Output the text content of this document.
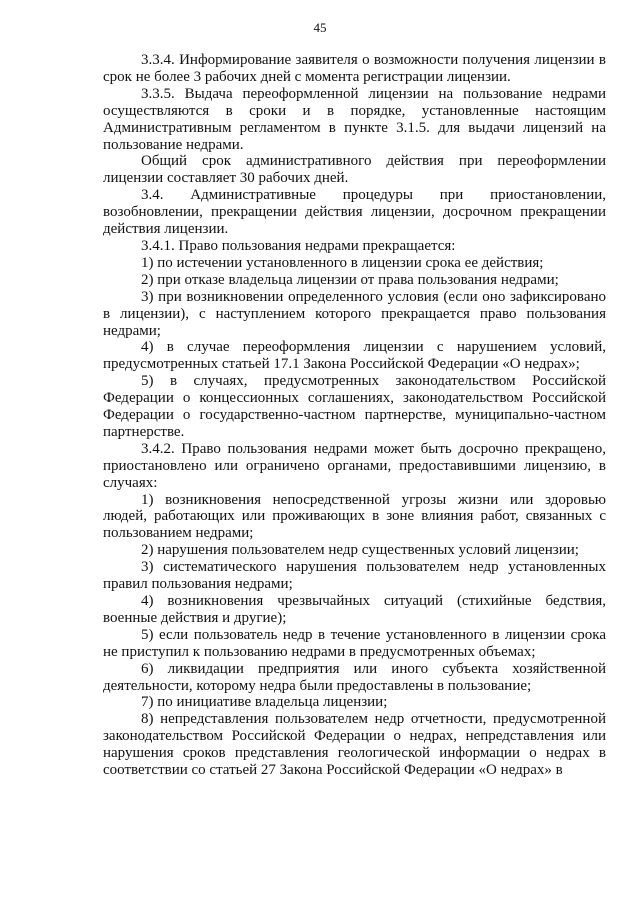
45

3.3.4. Информирование заявителя о возможности получения лицензии в срок не более 3 рабочих дней с момента регистрации лицензии.

3.3.5. Выдача переоформленной лицензии на пользование недрами осуществляются в сроки и в порядке, установленные настоящим Административным регламентом в пункте 3.1.5. для выдачи лицензий на пользование недрами.

Общий срок административного действия при переоформлении лицензии составляет 30 рабочих дней.

3.4. Административные процедуры при приостановлении, возобновлении, прекращении действия лицензии, досрочном прекращении действия лицензии.

3.4.1. Право пользования недрами прекращается:

1) по истечении установленного в лицензии срока ее действия;

2) при отказе владельца лицензии от права пользования недрами;

3) при возникновении определенного условия (если оно зафиксировано в лицензии), с наступлением которого прекращается право пользования недрами;

4) в случае переоформления лицензии с нарушением условий, предусмотренных статьей 17.1 Закона Российской Федерации «О недрах»;

5) в случаях, предусмотренных законодательством Российской Федерации о концессионных соглашениях, законодательством Российской Федерации о государственно-частном партнерстве, муниципально-частном партнерстве.

3.4.2. Право пользования недрами может быть досрочно прекращено, приостановлено или ограничено органами, предоставившими лицензию, в случаях:

1) возникновения непосредственной угрозы жизни или здоровью людей, работающих или проживающих в зоне влияния работ, связанных с пользованием недрами;

2) нарушения пользователем недр существенных условий лицензии;

3) систематического нарушения пользователем недр установленных правил пользования недрами;

4) возникновения чрезвычайных ситуаций (стихийные бедствия, военные действия и другие);

5) если пользователь недр в течение установленного в лицензии срока не приступил к пользованию недрами в предусмотренных объемах;

6) ликвидации предприятия или иного субъекта хозяйственной деятельности, которому недра были предоставлены в пользование;

7) по инициативе владельца лицензии;

8) непредставления пользователем недр отчетности, предусмотренной законодательством Российской Федерации о недрах, непредставления или нарушения сроков представления геологической информации о недрах в соответствии со статьей 27 Закона Российской Федерации «О недрах» в
